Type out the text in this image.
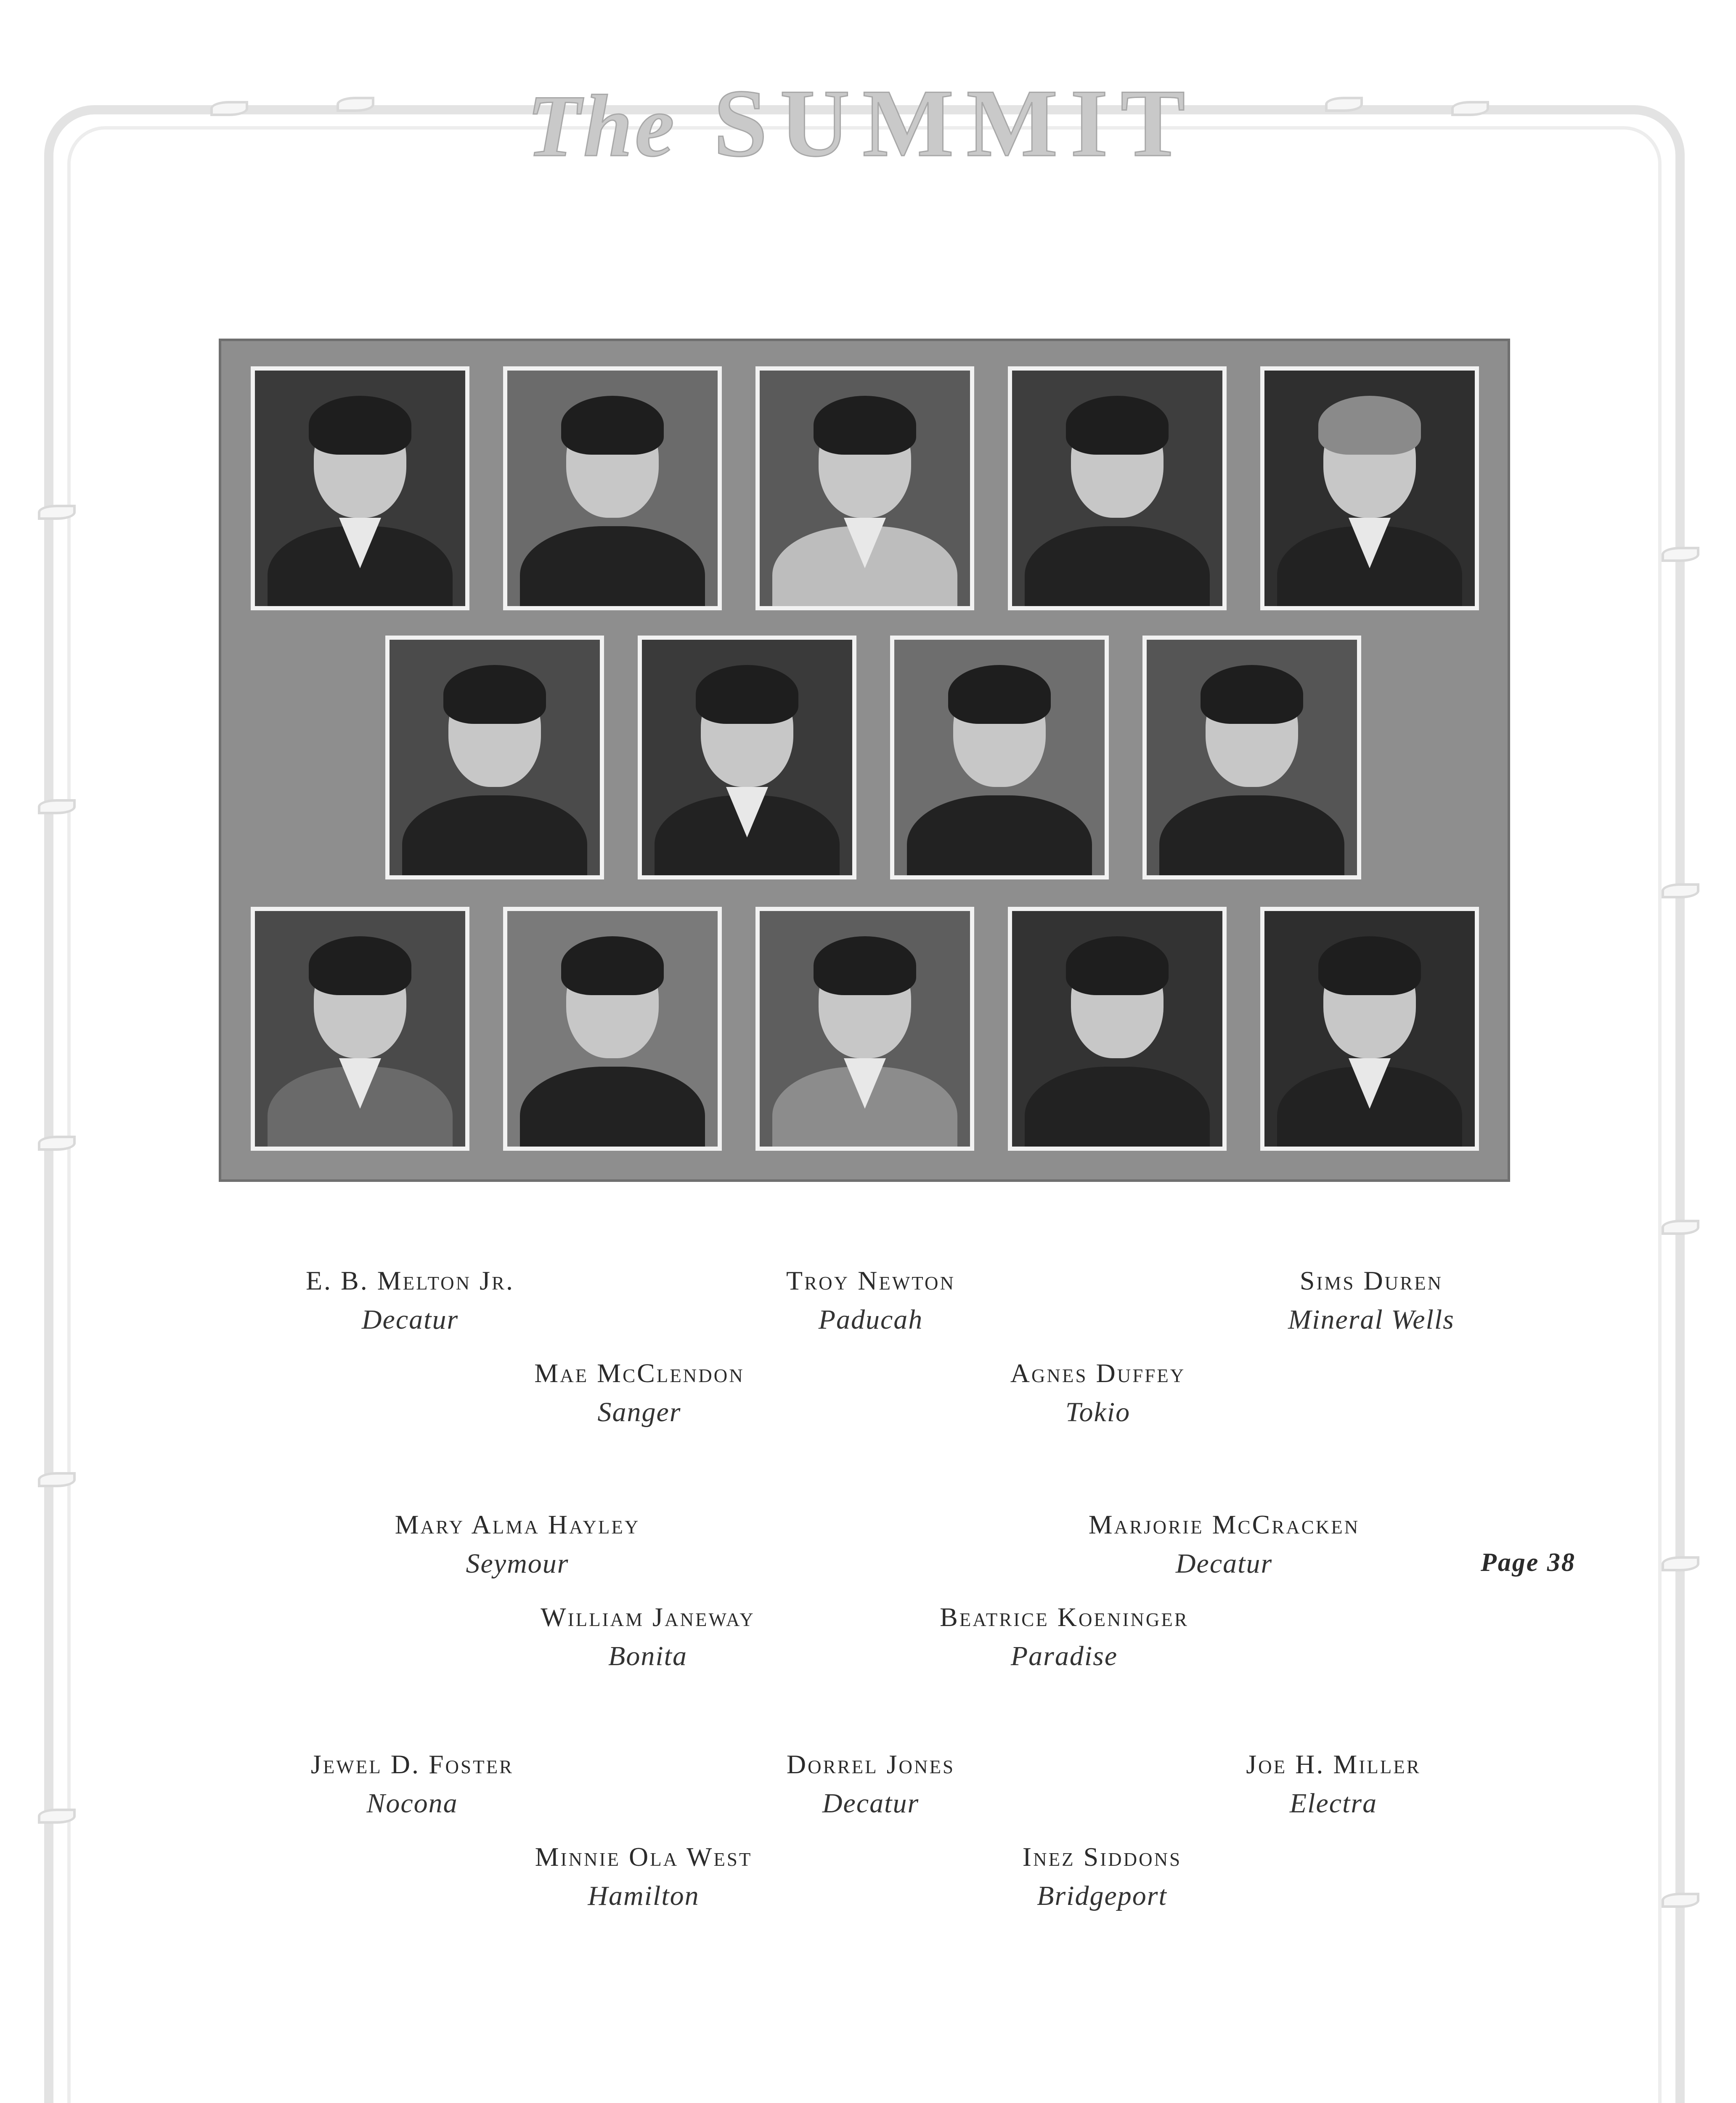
The SUMMIT
E. B. Melton Jr.
Decatur
Troy Newton
Paducah
Sims Duren
Mineral Wells
Mae McClendon
Sanger
Agnes Duffey
Tokio
Mary Alma Hayley
Seymour
Marjorie McCracken
Decatur
William Janeway
Bonita
Beatrice Koeninger
Paradise
Jewel D. Foster
Nocona
Dorrel Jones
Decatur
Joe H. Miller
Electra
Minnie Ola West
Hamilton
Inez Siddons
Bridgeport
Page 38
